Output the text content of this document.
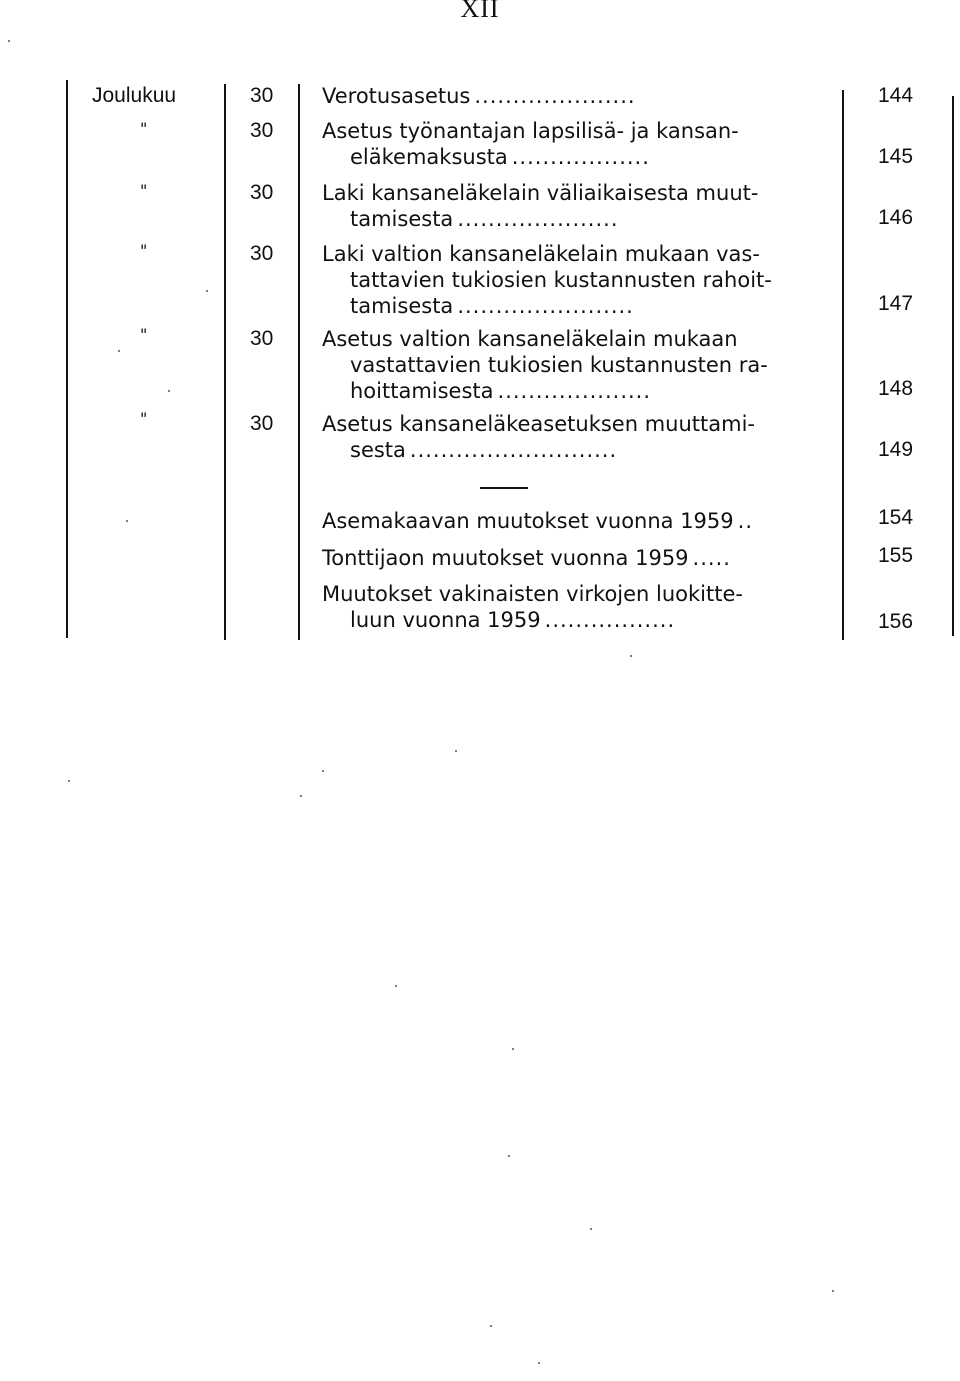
XII
Joulukuu	30 Verotusasetus .....................	144
"	30 Asetus työnantajan lapsilisä- ja kansan-
eläkemaksusta ..................	145
"	30 Laki kansaneläkelain väliaikaisesta muut-
tamisesta .....................	146
"	30 Laki valtion kansaneläkelain mukaan vas-
tattavien tukiosien kustannusten rahoit-
tamisesta .......................	147
"	30 Asetus valtion kansaneläkelain mukaan
vastattavien tukiosien kustannusten ra-
hoittamisesta ....................	148
"	30 Asetus kansaneläkeasetuksen muuttami-
sesta ...........................	149
Asemakaavan muutokset vuonna 1959 ..	154
Tonttijaon muutokset vuonna 1959 .....	155
Muutokset vakinaisten virkojen luokitte-
luun vuonna 1959 .................	156
